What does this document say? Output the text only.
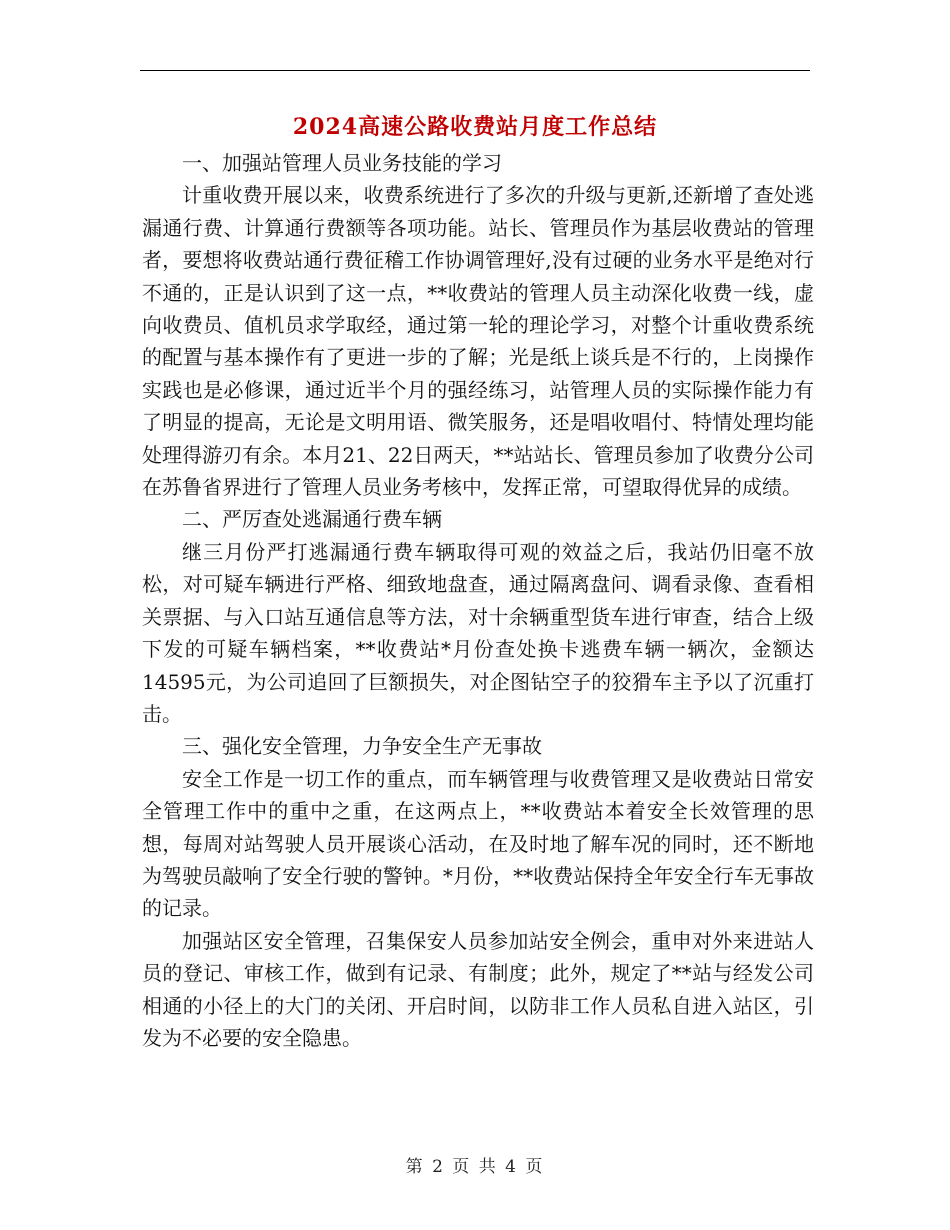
2024高速公路收费站月度工作总结

一、加强站管理人员业务技能的学习

计重收费开展以来，收费系统进行了多次的升级与更新,还新增了查处逃漏通行费、计算通行费额等各项功能。站长、管理员作为基层收费站的管理者，要想将收费站通行费征稽工作协调管理好,没有过硬的业务水平是绝对行不通的，正是认识到了这一点，**收费站的管理人员主动深化收费一线，虚向收费员、值机员求学取经，通过第一轮的理论学习，对整个计重收费系统的配置与基本操作有了更进一步的了解；光是纸上谈兵是不行的，上岗操作实践也是必修课，通过近半个月的强经练习，站管理人员的实际操作能力有了明显的提高，无论是文明用语、微笑服务，还是唱收唱付、特情处理均能处理得游刃有余。本月21、22日两天，**站站长、管理员参加了收费分公司在苏鲁省界进行了管理人员业务考核中，发挥正常，可望取得优异的成绩。

二、严厉查处逃漏通行费车辆

继三月份严打逃漏通行费车辆取得可观的效益之后，我站仍旧毫不放松，对可疑车辆进行严格、细致地盘查，通过隔离盘问、调看录像、查看相关票据、与入口站互通信息等方法，对十余辆重型货车进行审查，结合上级下发的可疑车辆档案，**收费站*月份查处换卡逃费车辆一辆次，金额达14595元，为公司追回了巨额损失，对企图钻空子的狡猾车主予以了沉重打击。

三、强化安全管理，力争安全生产无事故

安全工作是一切工作的重点，而车辆管理与收费管理又是收费站日常安全管理工作中的重中之重，在这两点上，**收费站本着安全长效管理的思想，每周对站驾驶人员开展谈心活动，在及时地了解车况的同时，还不断地为驾驶员敲响了安全行驶的警钟。*月份，**收费站保持全年安全行车无事故的记录。

加强站区安全管理，召集保安人员参加站安全例会，重申对外来进站人员的登记、审核工作，做到有记录、有制度；此外，规定了**站与经发公司相通的小径上的大门的关闭、开启时间，以防非工作人员私自进入站区，引发为不必要的安全隐患。

第 2 页 共 4 页
